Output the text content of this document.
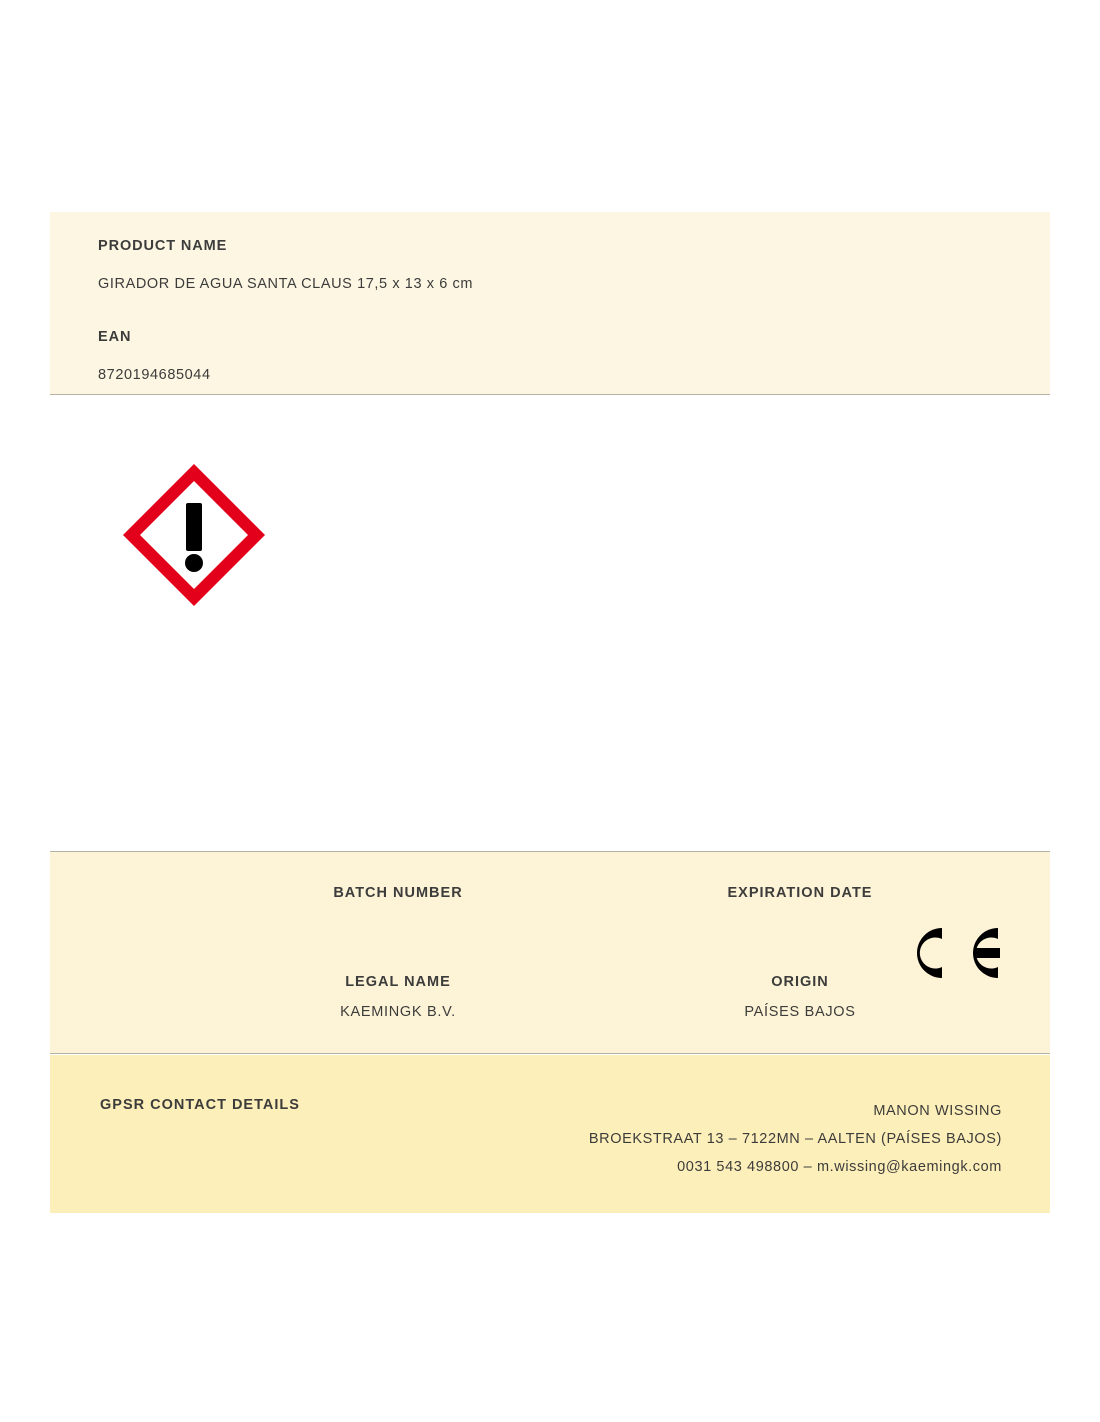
PRODUCT NAME
GIRADOR DE AGUA SANTA CLAUS 17,5 x 13 x 6 cm
EAN
8720194685044
BATCH NUMBER	EXPIRATION DATE
LEGAL NAME
KAEMINGK B.V.
ORIGIN
PAÍSES BAJOS
GPSR CONTACT DETAILS	MANON WISSING
BROEKSTRAAT 13 – 7122MN – AALTEN (PAÍSES BAJOS)
0031 543 498800 – m.wissing@kaemingk.com
